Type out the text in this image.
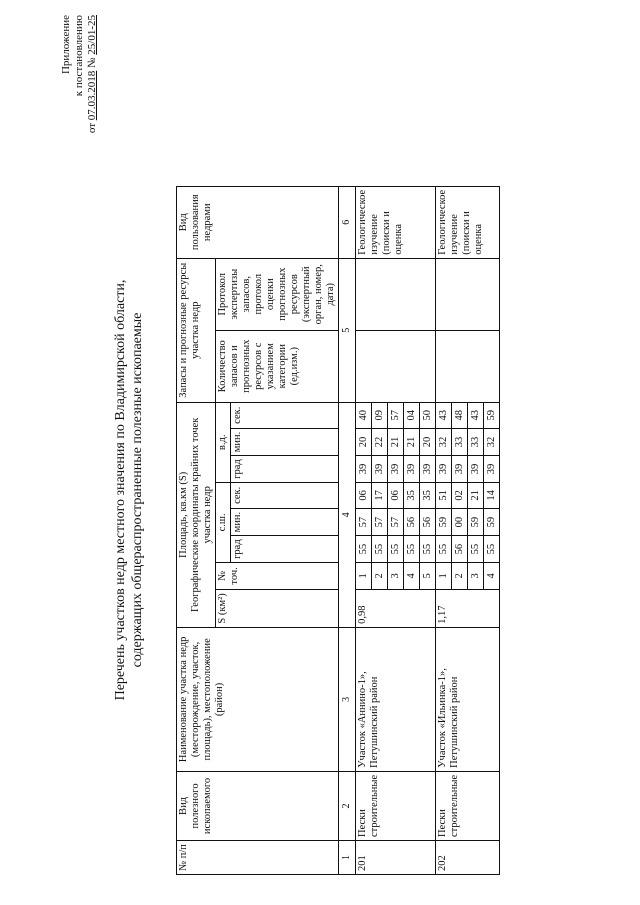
Приложение к постановлению
от 07.03.2018 № 25/01-25
Перечень участков недр местного значения по Владимирской области, содержащих общераспространенные полезные ископаемые
№ п/п	Вид полезного ископаемого	Наименование участка недр (месторождение, участок, площадь), местоположение (район)	Площадь, кв.км (S) Географические координаты крайних точек участка недр								Запасы и прогнозные ресурсы участка недр		Вид пользования недрами
			S (км²)	№ точ.	с.ш.			в.д.			Количество запасов и прогнозных ресурсов с указанием категории (ед.изм.)	Протокол экспертизы запасов, протокол оценки прогнозных ресурсов (экспертный орган, номер, дата)	
					град	мин.	сек.	град	мин.	сек.			

1	2	3	4								5		6
201	Пески строительные	Участок «Аннино-1», Петушинский район	0,98	1	55	57	06	39	20	40			Геологическое изучение (поиски и оценка
				2	55	57	17	39	22	09			
				3	55	57	06	39	21	57			
				4	55	56	35	39	21	04			
				5	55	56	35	39	20	50			
202	Пески строительные	Участок «Ильинка-1», Петушинский район	1,17	1	55	59	51	39	32	43			Геологическое изучение (поиски и оценка
				2	56	00	02	39	33	48			
				3	55	59	21	39	33	43			
				4	55	59	14	39	32	59			
